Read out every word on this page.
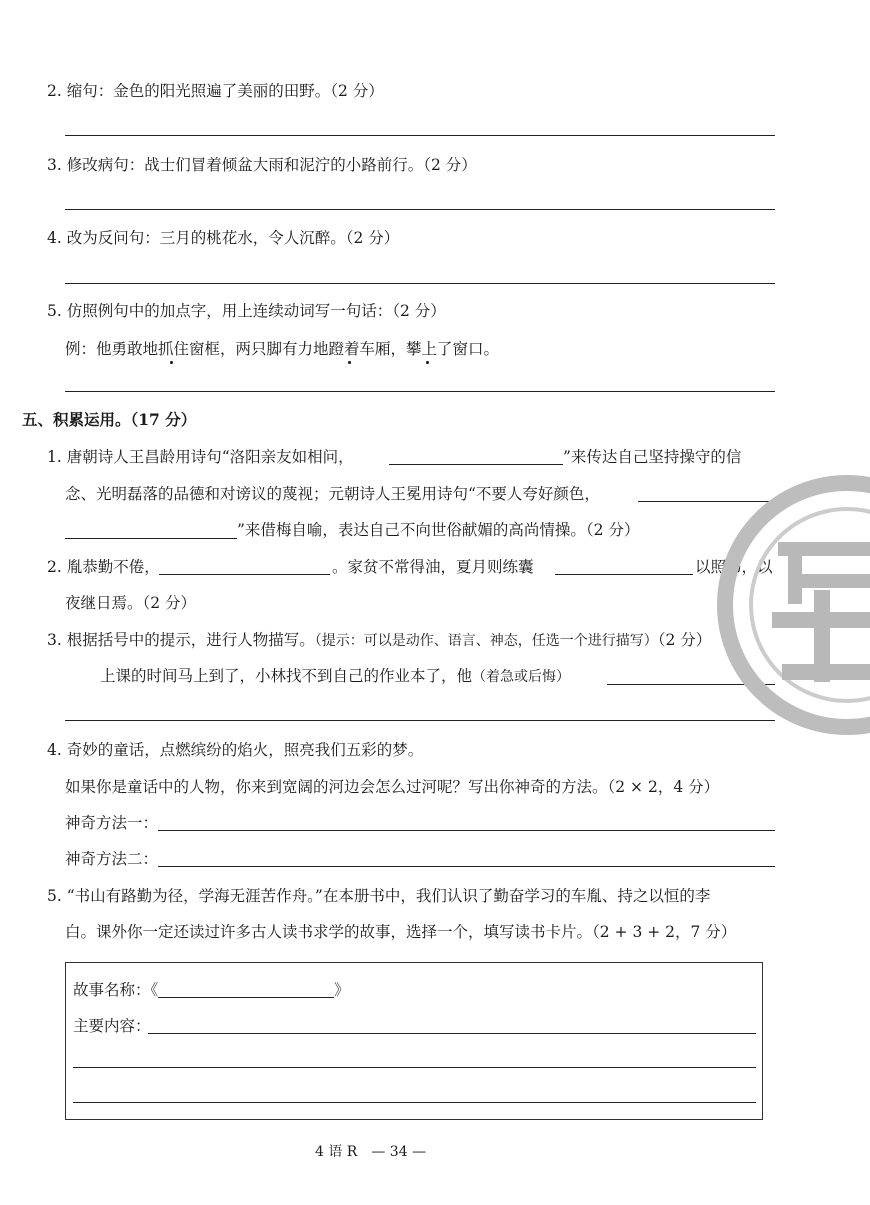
2. 缩句：金色的阳光照遍了美丽的田野。（2 分）
3. 修改病句：战士们冒着倾盆大雨和泥泞的小路前行。（2 分）
4. 改为反问句：三月的桃花水，令人沉醉。（2 分）
5. 仿照例句中的加点字，用上连续动词写一句话：（2 分）
例：他勇敢地抓住窗框，两只脚有力地蹬着车厢，攀上了窗口。
五、积累运用。（17 分）
1. 唐朝诗人王昌龄用诗句“洛阳亲友如相问，	”来传达自己坚持操守的信
念、光明磊落的品德和对谤议的蔑视；元朝诗人王冕用诗句“不要人夸好颜色，
”来借梅自喻，表达自己不向世俗献媚的高尚情操。（2 分）
2. 胤恭勤不倦，	。家贫不常得油，夏月则练囊	以照书，以
夜继日焉。（2 分）
3. 根据括号中的提示，进行人物描写。（提示：可以是动作、语言、神态，任选一个进行描写）（2 分）
上课的时间马上到了，小林找不到自己的作业本了，他（着急或后悔）
4. 奇妙的童话，点燃缤纷的焰火，照亮我们五彩的梦。
如果你是童话中的人物，你来到宽阔的河边会怎么过河呢？写出你神奇的方法。（2 × 2，4 分）
神奇方法一：
神奇方法二：
5. “书山有路勤为径，学海无涯苦作舟。”在本册书中，我们认识了勤奋学习的车胤、持之以恒的李
白。课外你一定还读过许多古人读书求学的故事，选择一个，填写读书卡片。（2 + 3 + 2，7 分）
故事名称：《	》
主要内容：
4 语 R　— 34 —
